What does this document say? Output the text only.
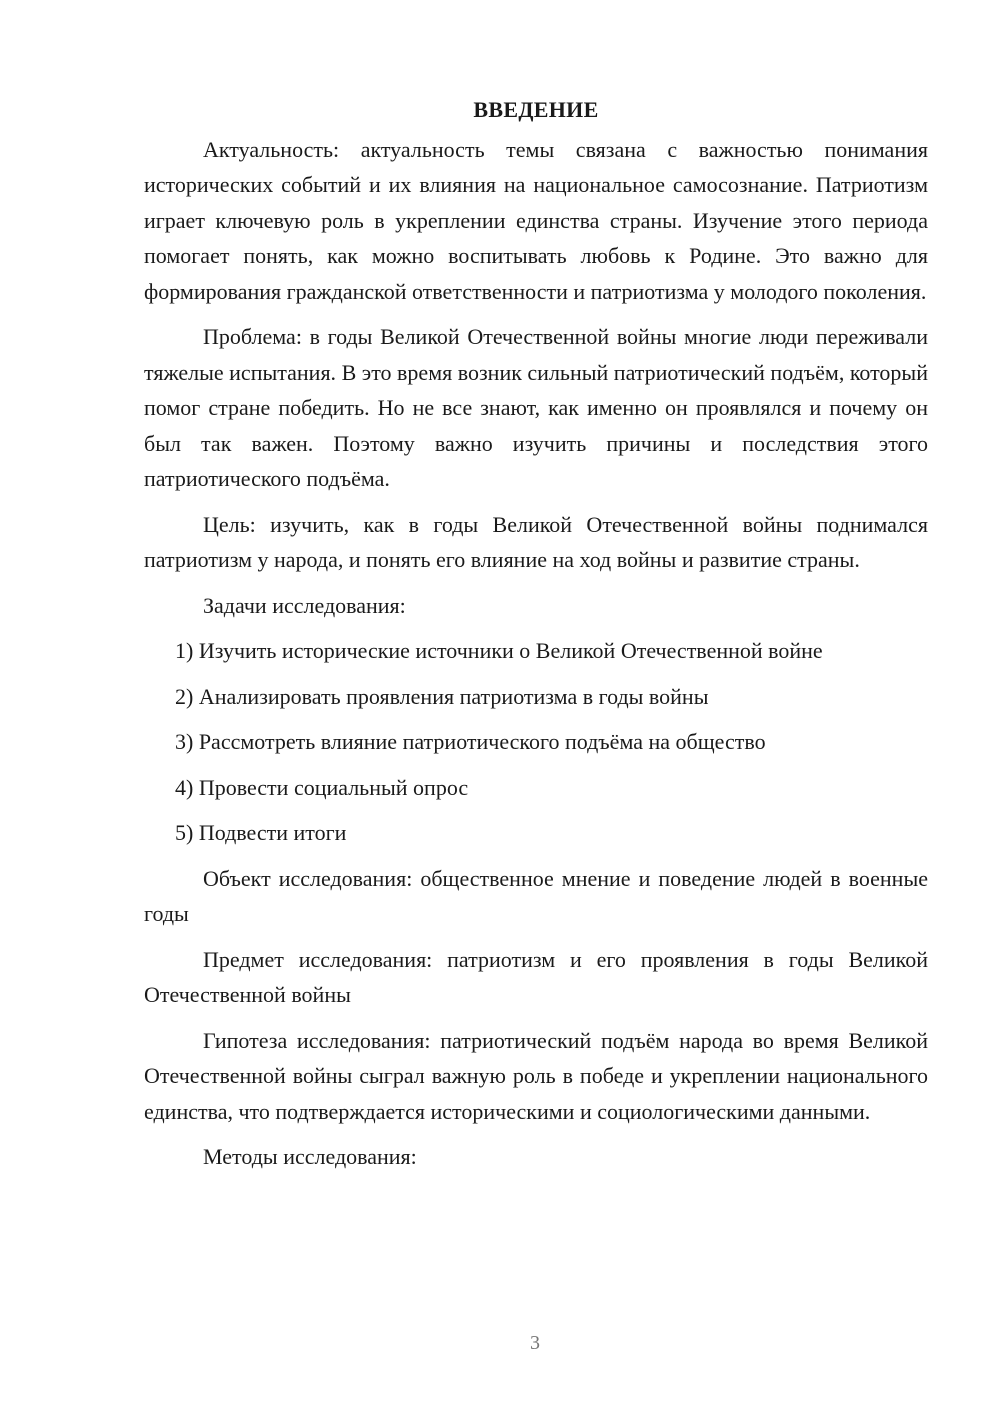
ВВЕДЕНИЕ

Актуальность: актуальность темы связана с важностью понимания исторических событий и их влияния на национальное самосознание. Патриотизм играет ключевую роль в укреплении единства страны. Изучение этого периода помогает понять, как можно воспитывать любовь к Родине. Это важно для формирования гражданской ответственности и патриотизма у молодого поколения.

Проблема: в годы Великой Отечественной войны многие люди переживали тяжелые испытания. В это время возник сильный патриотический подъём, который помог стране победить. Но не все знают, как именно он проявлялся и почему он был так важен. Поэтому важно изучить причины и последствия этого патриотического подъёма.

Цель: изучить, как в годы Великой Отечественной войны поднимался патриотизм у народа, и понять его влияние на ход войны и развитие страны.

Задачи исследования:

1) Изучить исторические источники о Великой Отечественной войне
2) Анализировать проявления патриотизма в годы войны
3) Рассмотреть влияние патриотического подъёма на общество
4) Провести социальный опрос
5) Подвести итоги

Объект исследования: общественное мнение и поведение людей в военные годы

Предмет исследования: патриотизм и его проявления в годы Великой Отечественной войны

Гипотеза исследования: патриотический подъём народа во время Великой Отечественной войны сыграл важную роль в победе и укреплении национального единства, что подтверждается историческими и социологическими данными.

Методы исследования:

3
